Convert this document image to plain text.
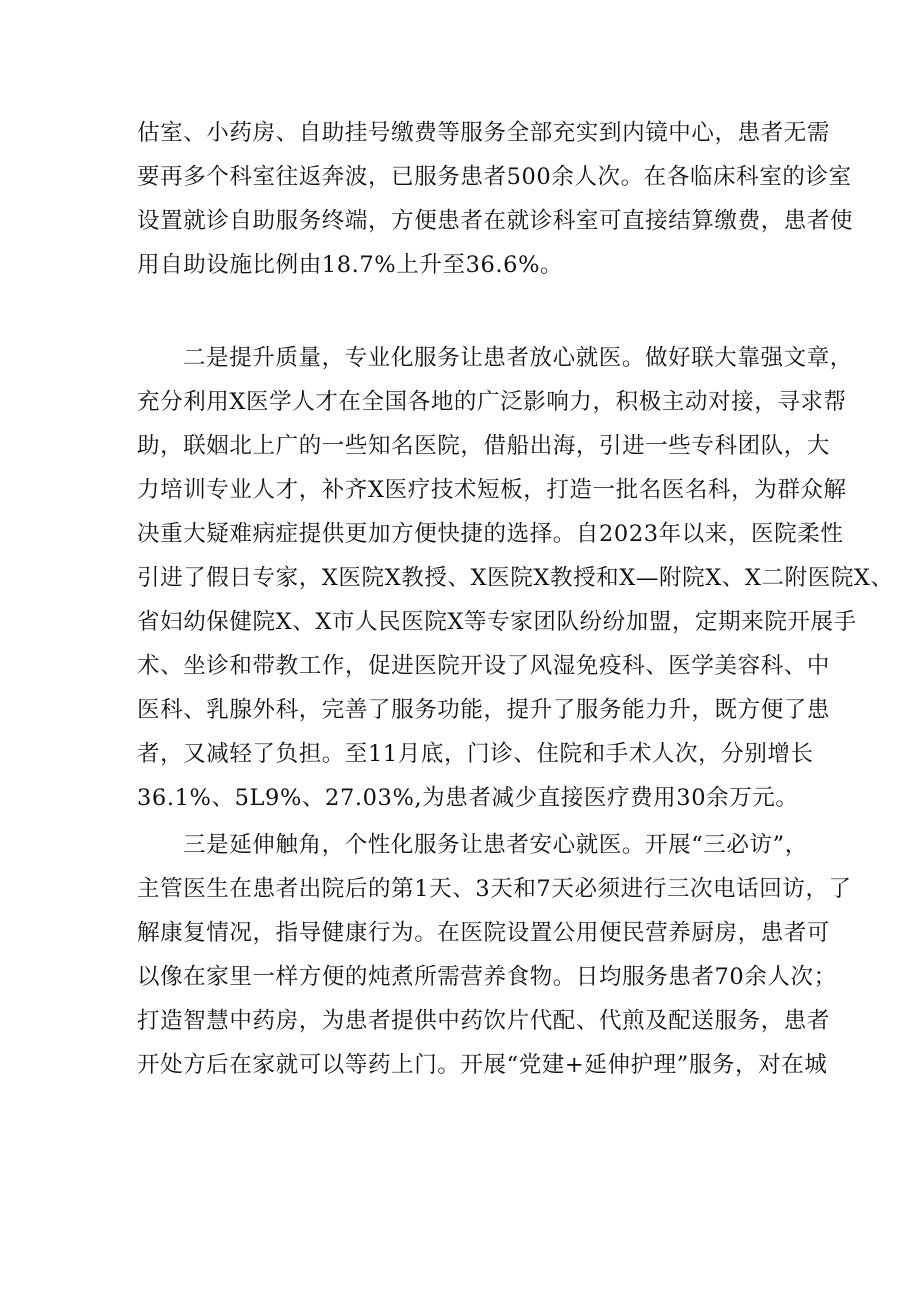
估室、小药房、自助挂号缴费等服务全部充实到内镜中心，患者无需
要再多个科室往返奔波，已服务患者500余人次。在各临床科室的诊室
设置就诊自助服务终端，方便患者在就诊科室可直接结算缴费，患者使
用自助设施比例由18.7%上升至36.6%。
二是提升质量，专业化服务让患者放心就医。做好联大靠强文章，
充分利用X医学人才在全国各地的广泛影响力，积极主动对接，寻求帮
助，联姻北上广的一些知名医院，借船出海，引进一些专科团队，大
力培训专业人才，补齐X医疗技术短板，打造一批名医名科，为群众解
决重大疑难病症提供更加方便快捷的选择。自2023年以来，医院柔性
引进了假日专家，X医院X教授、X医院X教授和X—附院X、X二附医院X、
省妇幼保健院X、X市人民医院X等专家团队纷纷加盟，定期来院开展手
术、坐诊和带教工作，促进医院开设了风湿免疫科、医学美容科、中
医科、乳腺外科，完善了服务功能，提升了服务能力升，既方便了患
者，又减轻了负担。至11月底，门诊、住院和手术人次，分别增长
36.1%、5L9%、27.03%,为患者减少直接医疗费用30余万元。
三是延伸触角，个性化服务让患者安心就医。开展“三必访”，
主管医生在患者出院后的第1天、3天和7天必须进行三次电话回访，了
解康复情况，指导健康行为。在医院设置公用便民营养厨房，患者可
以像在家里一样方便的炖煮所需营养食物。日均服务患者70余人次；
打造智慧中药房，为患者提供中药饮片代配、代煎及配送服务，患者
开处方后在家就可以等药上门。开展“党建+延伸护理”服务，对在城
